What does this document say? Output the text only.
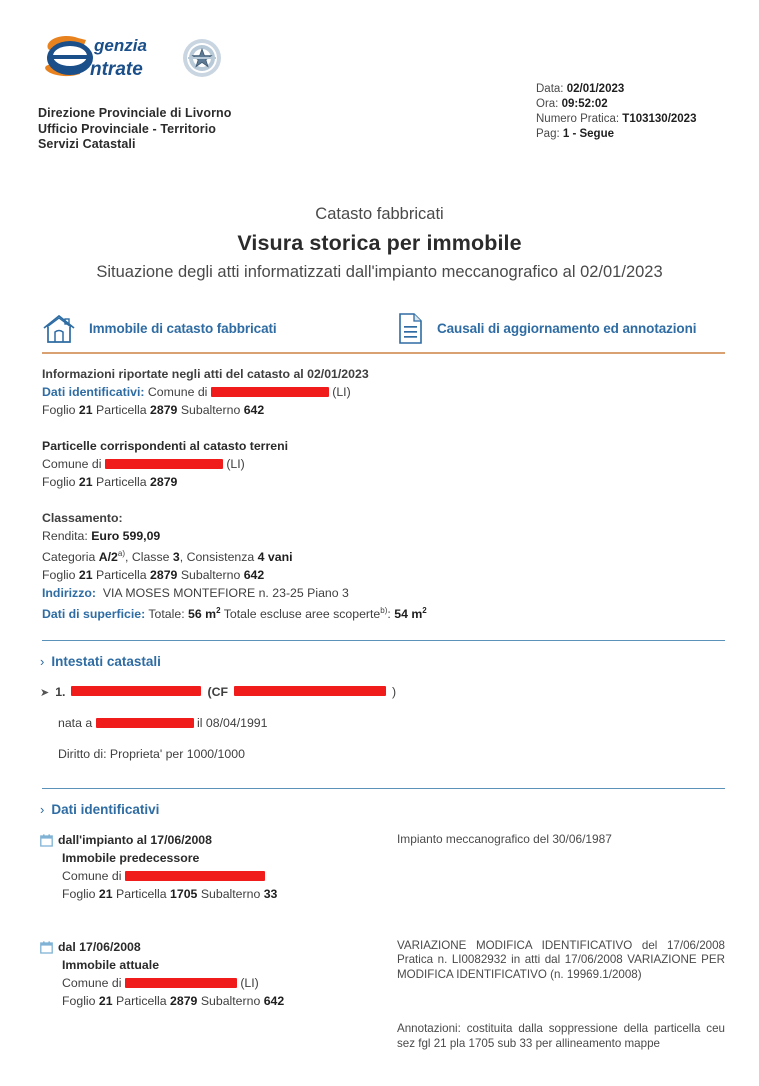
genzia
ntrate
Direzione Provinciale di Livorno
Ufficio Provinciale - Territorio
Servizi Catastali
Data: 02/01/2023
Ora: 09:52:02
Numero Pratica: T103130/2023
Pag: 1 - Segue
Catasto fabbricati
Visura storica per immobile
Situazione degli atti informatizzati dall'impianto meccanografico al 02/01/2023
Immobile di catasto fabbricati	Causali di aggiornamento ed annotazioni
Informazioni riportate negli atti del catasto al 02/01/2023
Dati identificativi: Comune di	(LI)
Foglio 21 Particella 2879 Subalterno 642
Particelle corrispondenti al catasto terreni
Comune di	(LI)
Foglio 21 Particella 2879
Classamento:
Rendita: Euro 599,09
Categoria A/2$^{a)}$, Classe 3, Consistenza 4 vani
Foglio 21 Particella 2879 Subalterno 642
Indirizzo: VIA MOSES MONTEFIORE n. 23-25 Piano 3
Dati di superficie: Totale: 56 $m^2$ Totale escluse aree scoperte$^{b)}$: 54 $m^2$
› Intestati catastali
➤ 1.	(CF	)
nata a	il 08/04/1991
Diritto di: Proprieta' per 1000/1000
› Dati identificativi
dall'impianto al 17/06/2008
Immobile predecessore
Comune di
Foglio 21 Particella 1705 Subalterno 33
Impianto meccanografico del 30/06/1987
dal 17/06/2008
Immobile attuale
Comune di	(LI)
Foglio 21 Particella 2879 Subalterno 642
VARIAZIONE MODIFICA IDENTIFICATIVO del 17/06/2008 Pratica n. LI0082932 in atti dal 17/06/2008 VARIAZIONE PER MODIFICA IDENTIFICATIVO (n. 19969.1/2008)
Annotazioni: costituita dalla soppressione della particella ceu sez fgl 21 pla 1705 sub 33 per allineamento mappe
